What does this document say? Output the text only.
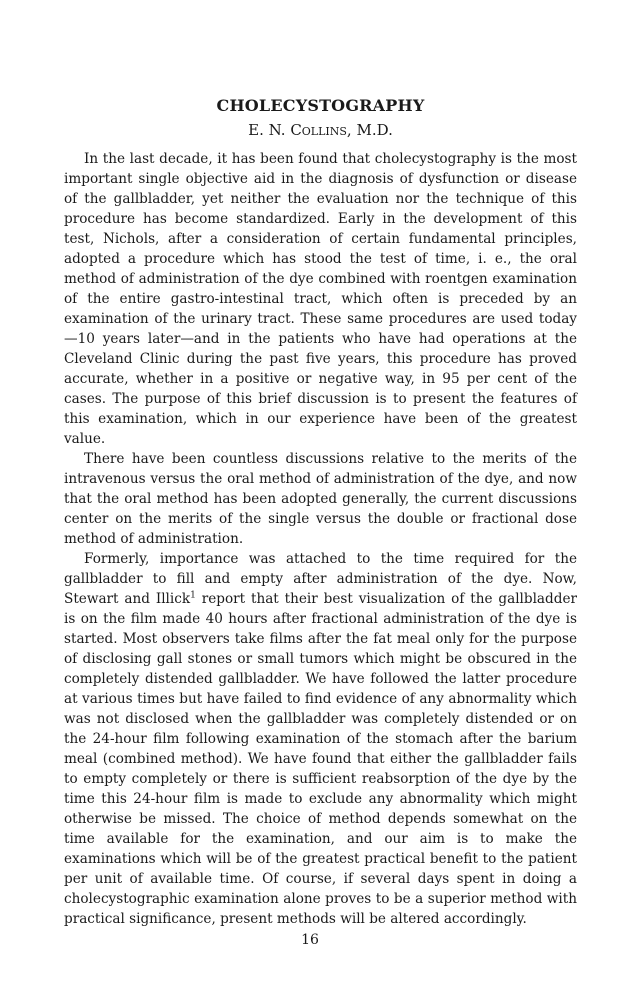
CHOLECYSTOGRAPHY
E. N. Collins, M.D.

In the last decade, it has been found that cholecystography is the most important single objective aid in the diagnosis of dysfunction or disease of the gallbladder, yet neither the evaluation nor the technique of this procedure has become standardized. Early in the development of this test, Nichols, after a consideration of certain fundamental principles, adopted a procedure which has stood the test of time, i. e., the oral method of administration of the dye combined with roentgen examination of the entire gastro-intestinal tract, which often is preceded by an examination of the urinary tract. These same procedures are used today—10 years later—and in the patients who have had operations at the Cleveland Clinic during the past five years, this procedure has proved accurate, whether in a positive or negative way, in 95 per cent of the cases. The purpose of this brief discussion is to present the features of this examination, which in our experience have been of the greatest value.

There have been countless discussions relative to the merits of the intravenous versus the oral method of administration of the dye, and now that the oral method has been adopted generally, the current discussions center on the merits of the single versus the double or fractional dose method of administration.

Formerly, importance was attached to the time required for the gallbladder to fill and empty after administration of the dye. Now, Stewart and Illick$^1$ report that their best visualization of the gallbladder is on the film made 40 hours after fractional administration of the dye is started. Most observers take films after the fat meal only for the purpose of disclosing gall stones or small tumors which might be obscured in the completely distended gallbladder. We have followed the latter procedure at various times but have failed to find evidence of any abnormality which was not disclosed when the gallbladder was completely distended or on the 24-hour film following examination of the stomach after the barium meal (combined method). We have found that either the gallbladder fails to empty completely or there is sufficient reabsorption of the dye by the time this 24-hour film is made to exclude any abnormality which might otherwise be missed. The choice of method depends somewhat on the time available for the examination, and our aim is to make the examinations which will be of the greatest practical benefit to the patient per unit of available time. Of course, if several days spent in doing a cholecystographic examination alone proves to be a superior method with practical significance, present methods will be altered accordingly.

16
